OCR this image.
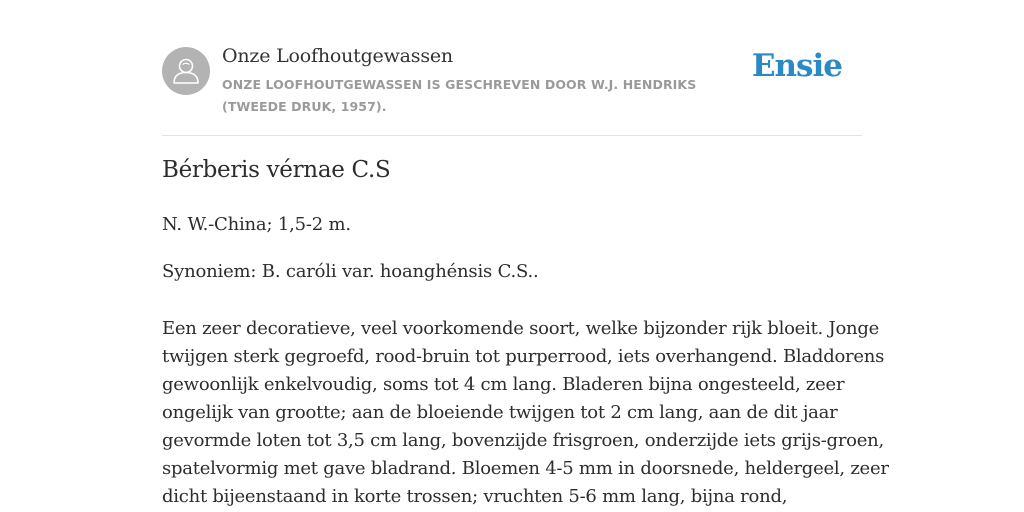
Onze Loofhoutgewassen
ONZE LOOFHOUTGEWASSEN IS GESCHREVEN DOOR W.J. HENDRIKS (TWEEDE DRUK, 1957).
Ensie
Bérberis vérnae C.S
N. W.-China; 1,5-2 m.
Synoniem: B. caróli var. hoanghénsis C.S..
Een zeer decoratieve, veel voorkomende soort, welke bijzonder rijk bloeit. Jonge
twijgen sterk gegroefd, rood-bruin tot purperrood, iets overhangend. Bladdorens
gewoonlijk enkelvoudig, soms tot 4 cm lang. Bladeren bijna ongesteeld, zeer
ongelijk van grootte; aan de bloeiende twijgen tot 2 cm lang, aan de dit jaar
gevormde loten tot 3,5 cm lang, bovenzijde frisgroen, onderzijde iets grijs-groen,
spatelvormig met gave bladrand. Bloemen 4-5 mm in doorsnede, heldergeel, zeer
dicht bijeenstaand in korte trossen; vruchten 5-6 mm lang, bijna rond,
